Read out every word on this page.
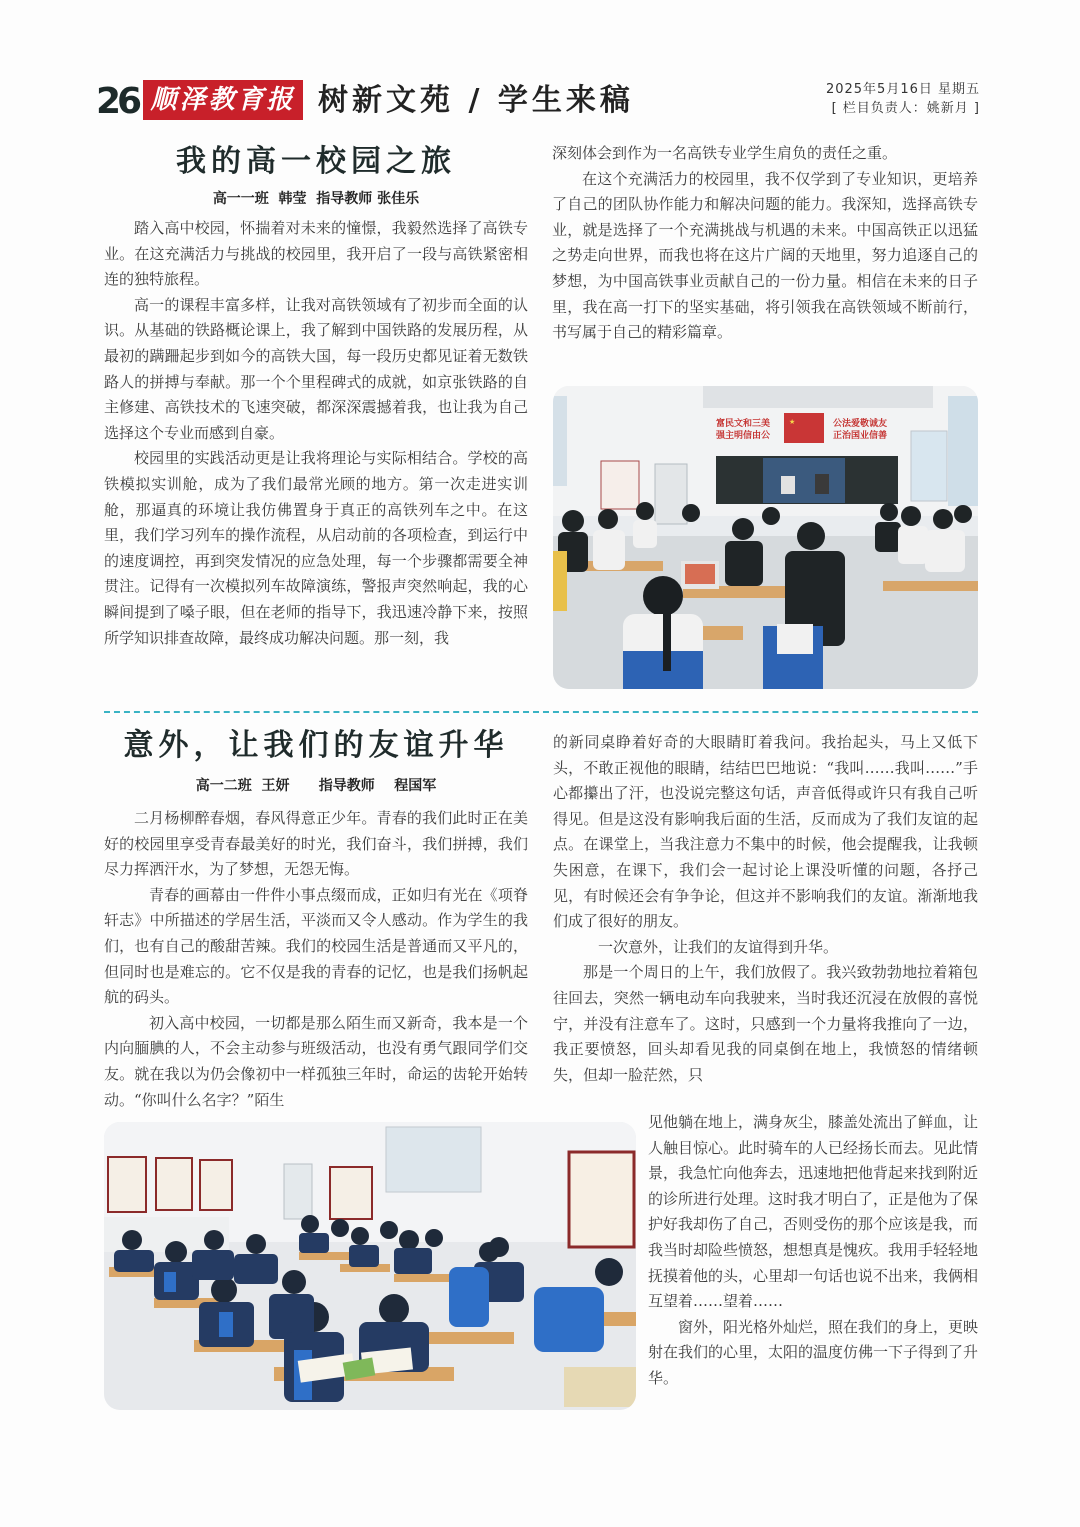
26 顺泽教育报 树新文苑 / 学生来稿	2025年5月16日 星期五
[ 栏目负责人：姚新月 ]
我的高一校园之旅
高一一班  韩莹  指导教师 张佳乐

踏入高中校园，怀揣着对未来的憧憬，我毅然选择了高铁专业。在这充满活力与挑战的校园里，我开启了一段与高铁紧密相连的独特旅程。

高一的课程丰富多样，让我对高铁领域有了初步而全面的认识。从基础的铁路概论课上，我了解到中国铁路的发展历程，从最初的蹒跚起步到如今的高铁大国，每一段历史都见证着无数铁路人的拼搏与奉献。那一个个里程碑式的成就，如京张铁路的自主修建、高铁技术的飞速突破，都深深震撼着我，也让我为自己选择这个专业而感到自豪。

校园里的实践活动更是让我将理论与实际相结合。学校的高铁模拟实训舱，成为了我们最常光顾的地方。第一次走进实训舱，那逼真的环境让我仿佛置身于真正的高铁列车之中。在这里，我们学习列车的操作流程，从启动前的各项检查，到运行中的速度调控，再到突发情况的应急处理，每一个步骤都需要全神贯注。记得有一次模拟列车故障演练，警报声突然响起，我的心瞬间提到了嗓子眼，但在老师的指导下，我迅速冷静下来，按照所学知识排查故障，最终成功解决问题。那一刻，我

深刻体会到作为一名高铁专业学生肩负的责任之重。

在这个充满活力的校园里，我不仅学到了专业知识，更培养了自己的团队协作能力和解决问题的能力。我深知，选择高铁专业，就是选择了一个充满挑战与机遇的未来。中国高铁正以迅猛之势走向世界，而我也将在这片广阔的天地里，努力追逐自己的梦想，为中国高铁事业贡献自己的一份力量。相信在未来的日子里，我在高一打下的坚实基础，将引领我在高铁领域不断前行，书写属于自己的精彩篇章。

富民文和三美
强主明信由公
★	公法爱敬诚友
正治国业信善
意外，让我们的友谊升华
高一二班  王妍      指导教师    程国军

二月杨柳醉春烟，春风得意正少年。青春的我们此时正在美好的校园里享受青春最美好的时光，我们奋斗，我们拼搏，我们尽力挥洒汗水，为了梦想，无怨无悔。

青春的画幕由一件件小事点缀而成，正如归有光在《项脊轩志》中所描述的学居生活，平淡而又令人感动。作为学生的我们，也有自己的酸甜苦辣。我们的校园生活是普通而又平凡的，但同时也是难忘的。它不仅是我的青春的记忆，也是我们扬帆起航的码头。

初入高中校园，一切都是那么陌生而又新奇，我本是一个内向腼腆的人，不会主动参与班级活动，也没有勇气跟同学们交友。就在我以为仍会像初中一样孤独三年时，命运的齿轮开始转动。“你叫什么名字？”陌生

的新同桌睁着好奇的大眼睛盯着我问。我抬起头，马上又低下头，不敢正视他的眼睛，结结巴巴地说：“我叫……我叫……”手心都攥出了汗，也没说完整这句话，声音低得或许只有我自己听得见。但是这没有影响我后面的生活，反而成为了我们友谊的起点。在课堂上，当我注意力不集中的时候，他会提醒我，让我顿失困意，在课下，我们会一起讨论上课没听懂的问题，各抒己见，有时候还会有争争论，但这并不影响我们的友谊。渐渐地我们成了很好的朋友。

一次意外，让我们的友谊得到升华。

那是一个周日的上午，我们放假了。我兴致勃勃地拉着箱包往回去，突然一辆电动车向我驶来，当时我还沉浸在放假的喜悦宁，并没有注意车了。这时，只感到一个力量将我推向了一边，我正要愤怒，回头却看见我的同桌倒在地上，我愤怒的情绪顿失，但却一脸茫然，只

见他躺在地上，满身灰尘，膝盖处流出了鲜血，让人触目惊心。此时骑车的人已经扬长而去。见此情景，我急忙向他奔去，迅速地把他背起来找到附近的诊所进行处理。这时我才明白了，正是他为了保护好我却伤了自己，否则受伤的那个应该是我，而我当时却险些愤怒，想想真是愧疚。我用手轻轻地抚摸着他的头，心里却一句话也说不出来，我俩相互望着……望着……

窗外，阳光格外灿烂，照在我们的身上，更映射在我们的心里，太阳的温度仿佛一下子得到了升华。
